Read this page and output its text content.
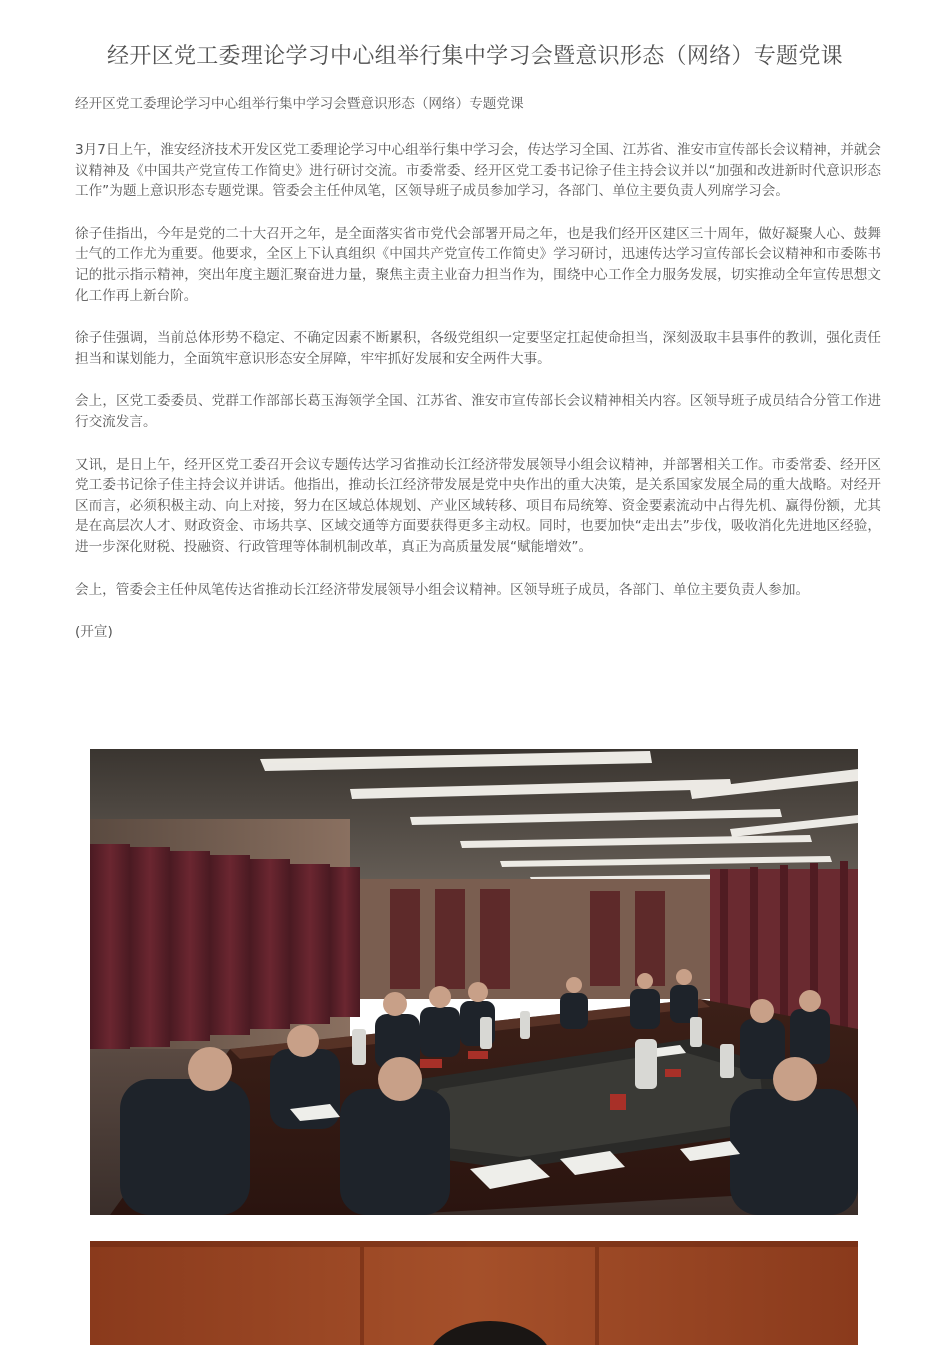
经开区党工委理论学习中心组举行集中学习会暨意识形态（网络）专题党课

经开区党工委理论学习中心组举行集中学习会暨意识形态（网络）专题党课

3月7日上午，淮安经济技术开发区党工委理论学习中心组举行集中学习会，传达学习全国、江苏省、淮安市宣传部长会议精神，并就会议精神及《中国共产党宣传工作简史》进行研讨交流。市委常委、经开区党工委书记徐子佳主持会议并以“加强和改进新时代意识形态工作”为题上意识形态专题党课。管委会主任仲凤笔，区领导班子成员参加学习，各部门、单位主要负责人列席学习会。

徐子佳指出，今年是党的二十大召开之年，是全面落实省市党代会部署开局之年，也是我们经开区建区三十周年，做好凝聚人心、鼓舞士气的工作尤为重要。他要求，全区上下认真组织《中国共产党宣传工作简史》学习研讨，迅速传达学习宣传部长会议精神和市委陈书记的批示指示精神，突出年度主题汇聚奋进力量，聚焦主责主业奋力担当作为，围绕中心工作全力服务发展，切实推动全年宣传思想文化工作再上新台阶。

徐子佳强调，当前总体形势不稳定、不确定因素不断累积，各级党组织一定要坚定扛起使命担当，深刻汲取丰县事件的教训，强化责任担当和谋划能力，全面筑牢意识形态安全屏障，牢牢抓好发展和安全两件大事。

会上，区党工委委员、党群工作部部长葛玉海领学全国、江苏省、淮安市宣传部长会议精神相关内容。区领导班子成员结合分管工作进行交流发言。

又讯，是日上午，经开区党工委召开会议专题传达学习省推动长江经济带发展领导小组会议精神，并部署相关工作。市委常委、经开区党工委书记徐子佳主持会议并讲话。他指出，推动长江经济带发展是党中央作出的重大决策，是关系国家发展全局的重大战略。对经开区而言，必须积极主动、向上对接，努力在区域总体规划、产业区域转移、项目布局统筹、资金要素流动中占得先机、赢得份额，尤其是在高层次人才、财政资金、市场共享、区域交通等方面要获得更多主动权。同时，也要加快“走出去”步伐，吸收消化先进地区经验，进一步深化财税、投融资、行政管理等体制机制改革，真正为高质量发展“赋能增效”。

会上，管委会主任仲凤笔传达省推动长江经济带发展领导小组会议精神。区领导班子成员，各部门、单位主要负责人参加。

(开宣)
